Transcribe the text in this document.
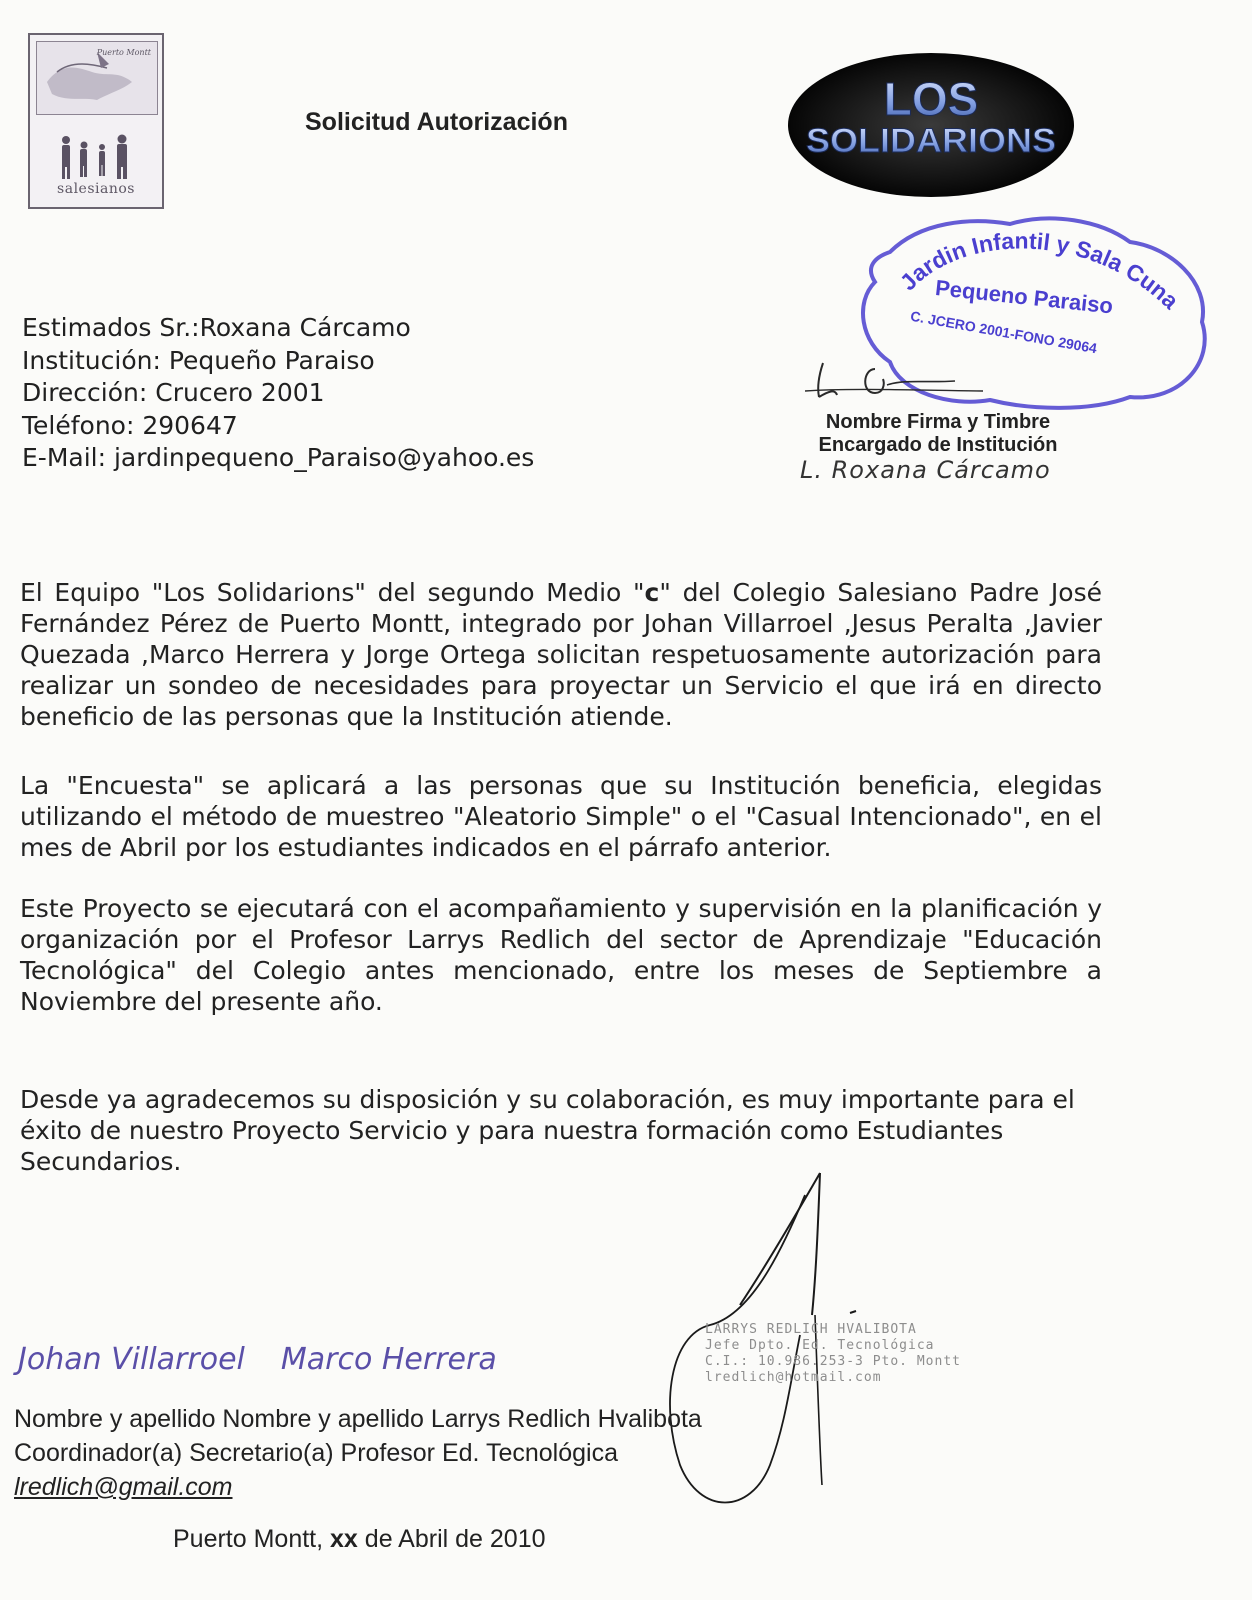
Puerto Montt
salesianos
Solicitud Autorización	LOS
SOLIDARIONS
Estimados Sr.:Roxana Cárcamo
Institución: Pequeño Paraiso
Dirección: Crucero 2001
Teléfono: 290647
E-Mail: jardinpequeno_Paraiso@yahoo.es
Jardin Infantil y Sala Cuna
Pequeno Paraiso
C. JCERO 2001-FONO 29064
Nombre Firma y Timbre
Encargado de Institución
L. Roxana Cárcamo
El Equipo "Los Solidarions" del segundo Medio "c" del Colegio Salesiano Padre José Fernández Pérez de Puerto Montt, integrado por Johan Villarroel ,Jesus Peralta ,Javier Quezada ,Marco Herrera y Jorge Ortega solicitan respetuosamente autorización para realizar un sondeo de necesidades para proyectar un Servicio el que irá en directo beneficio de las personas que la Institución atiende.
La "Encuesta" se aplicará a las personas que su Institución beneficia, elegidas utilizando el método de muestreo "Aleatorio Simple" o el "Casual Intencionado", en el mes de Abril por los estudiantes indicados en el párrafo anterior.
Este Proyecto se ejecutará con el acompañamiento y supervisión en la planificación y organización por el Profesor Larrys Redlich del sector de Aprendizaje "Educación Tecnológica" del Colegio antes mencionado, entre los meses de Septiembre a Noviembre del presente año.
Desde ya agradecemos su disposición y su colaboración, es muy importante para el éxito de nuestro Proyecto Servicio y para nuestra formación como Estudiantes Secundarios.
LARRYS REDLICH HVALIBOTA
Jefe Dpto. Ed. Tecnológica
C.I.: 10.986.253-3 Pto. Montt
lredlich@hotmail.com
Johan Villarroel Marco Herrera
Nombre y apellido Nombre y apellido Larrys Redlich Hvalibota
Coordinador(a) Secretario(a) Profesor Ed. Tecnológica
lredlich@gmail.com
Puerto Montt, xx de Abril de 2010
